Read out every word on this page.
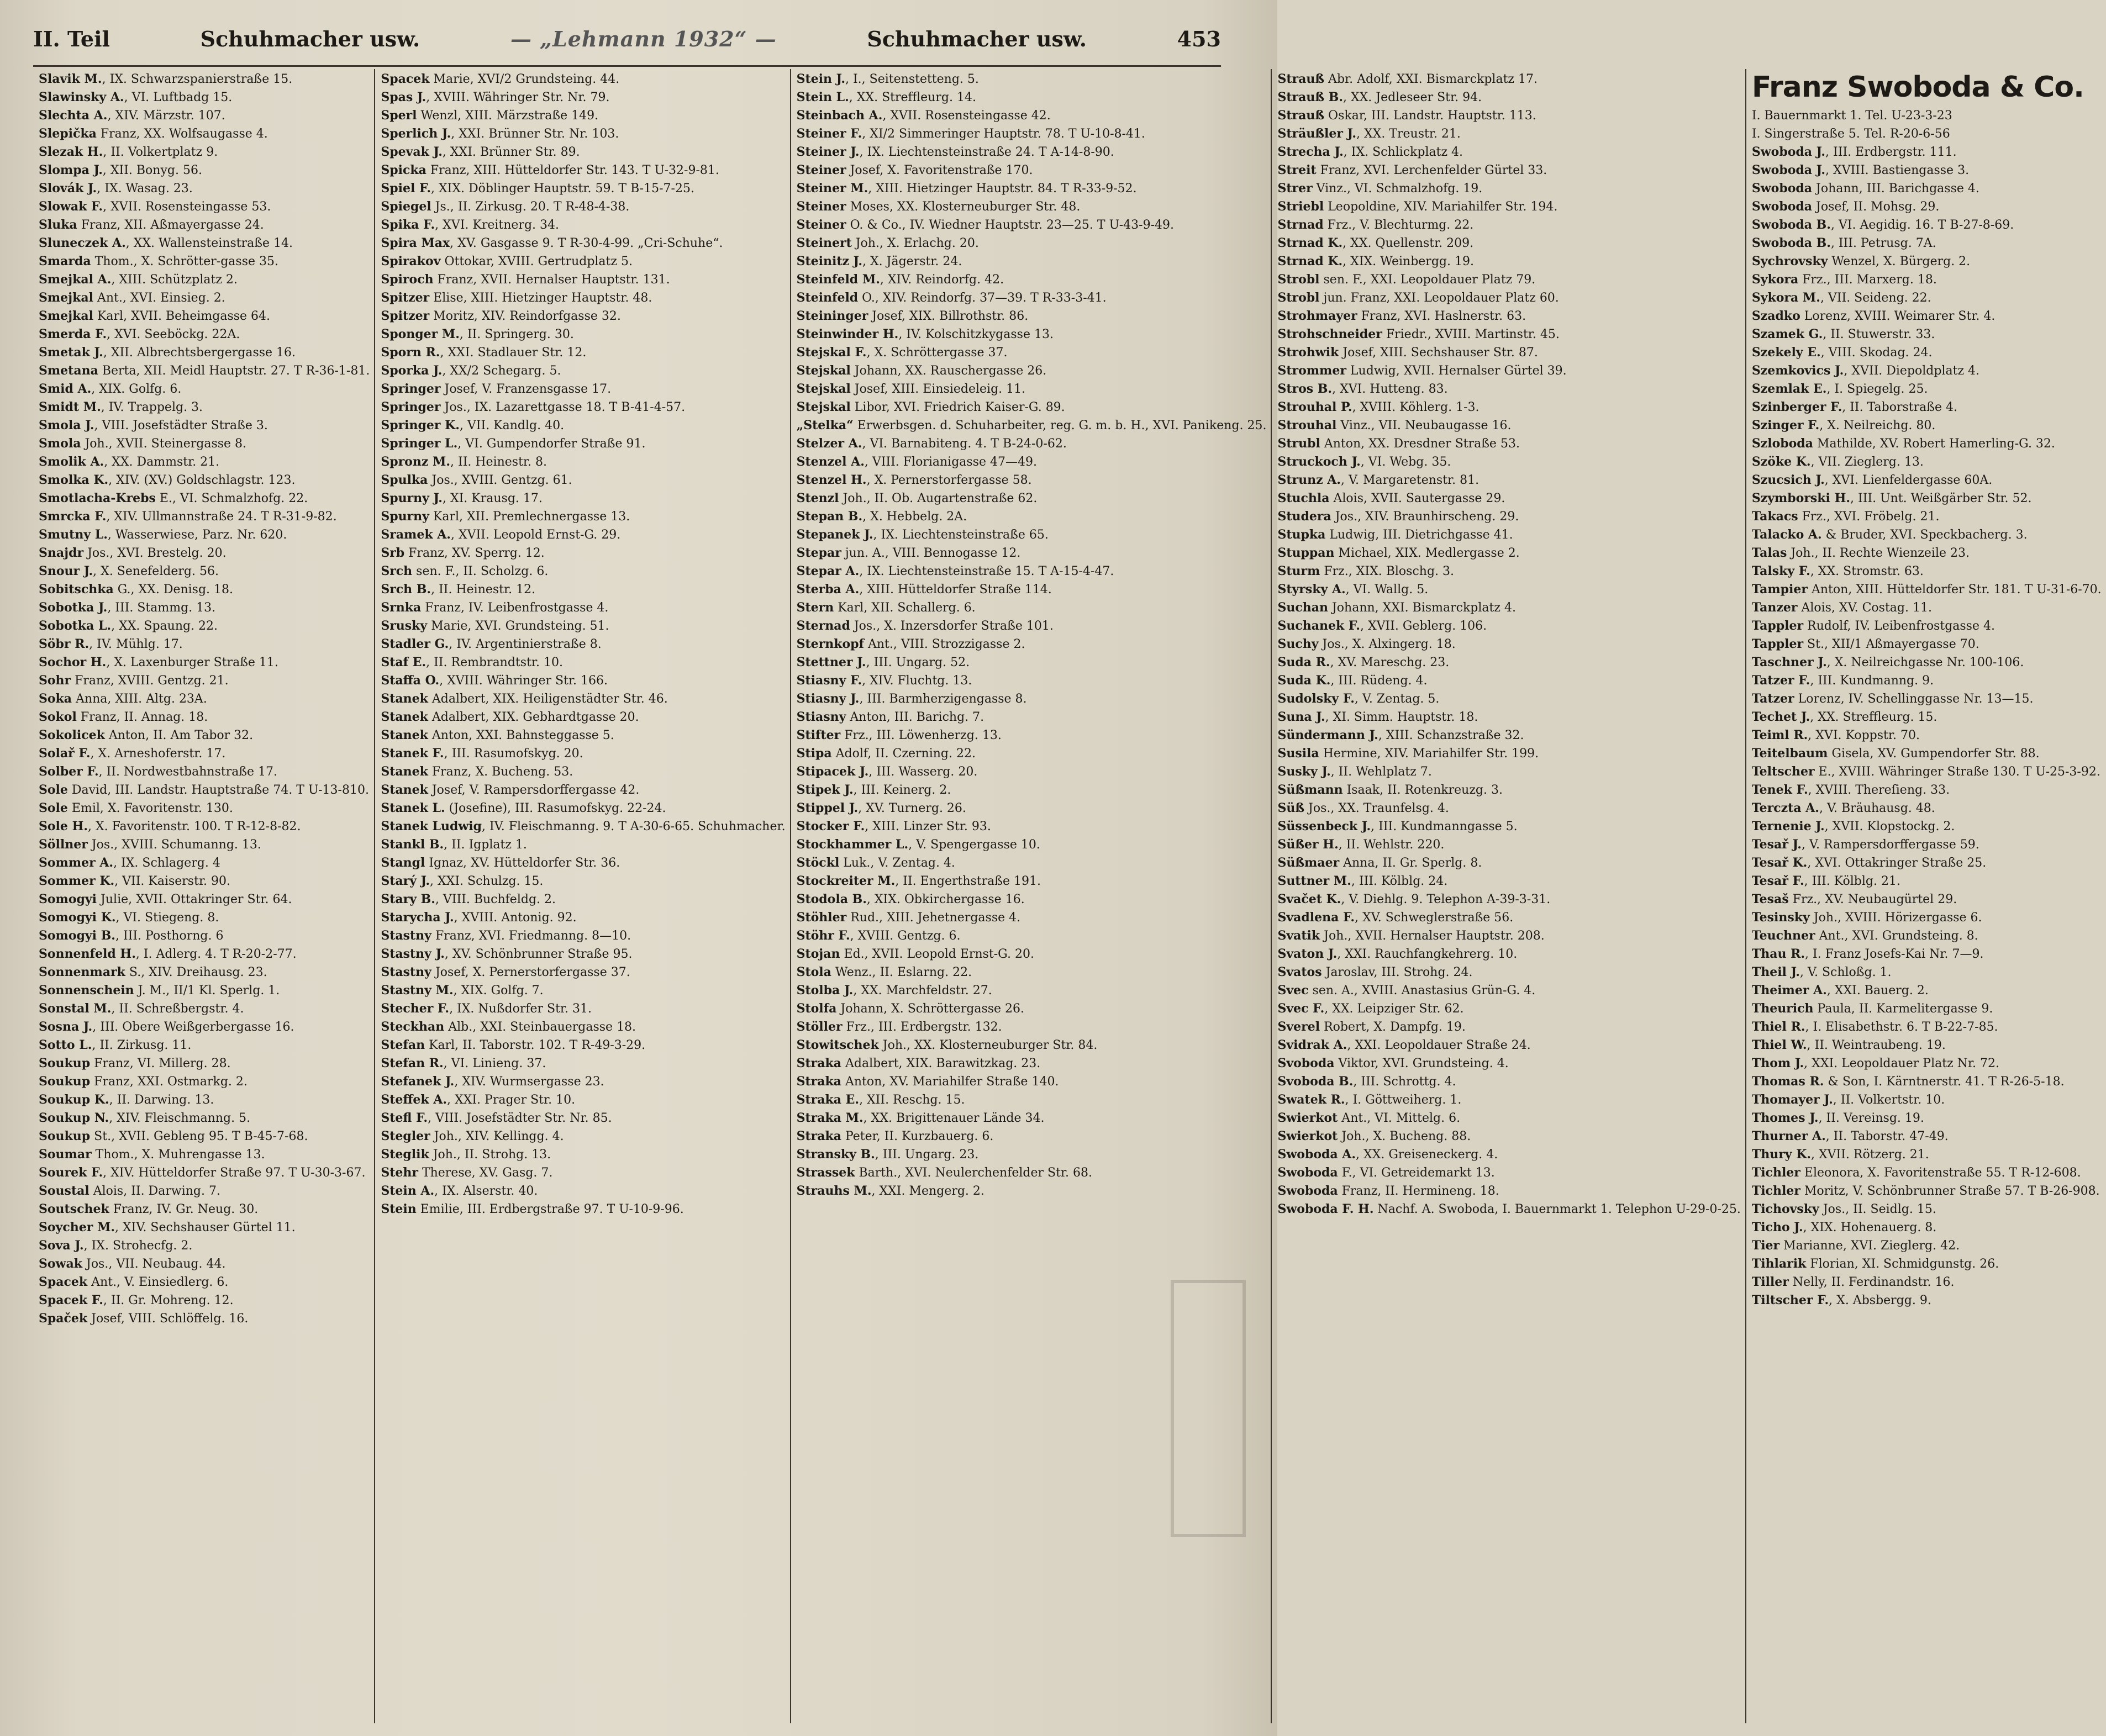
II. Teil	Schuhmacher usw.	— „Lehmann 1932“ —	Schuhmacher usw.	453
Slavik M., IX. Schwarzspanierstraße 15.
Slawinsky A., VI. Luftbadg 15.
Slechta A., XIV. Märzstr. 107.
Slepička Franz, XX. Wolfsaugasse 4.
Slezak H., II. Volkertplatz 9.
Slompa J., XII. Bonyg. 56.
Slovák J., IX. Wasag. 23.
Slowak F., XVII. Rosensteingasse 53.
Sluka Franz, XII. Aßmayergasse 24.
Sluneczek A., XX. Wallensteinstraße 14.
Smarda Thom., X. Schrötter-gasse 35.
Smejkal A., XIII. Schützplatz 2.
Smejkal Ant., XVI. Einsieg. 2.
Smejkal Karl, XVII. Beheimgasse 64.
Smerda F., XVI. Seeböckg. 22A.
Smetak J., XII. Albrechtsbergergasse 16.
Smetana Berta, XII. Meidl Hauptstr. 27. T R-36-1-81.
Smid A., XIX. Golfg. 6.
Smidt M., IV. Trappelg. 3.
Smola J., VIII. Josefstädter Straße 3.
Smola Joh., XVII. Steinergasse 8.
Smolik A., XX. Dammstr. 21.
Smolka K., XIV. (XV.) Goldschlagstr. 123.
Smotlacha-Krebs E., VI. Schmalzhofg. 22.
Smrcka F., XIV. Ullmannstraße 24. T R-31-9-82.
Smutny L., Wasserwiese, Parz. Nr. 620.
Snajdr Jos., XVI. Brestelg. 20.
Snour J., X. Senefelderg. 56.
Sobitschka G., XX. Denisg. 18.
Sobotka J., III. Stammg. 13.
Sobotka L., XX. Spaung. 22.
Söbr R., IV. Mühlg. 17.
Sochor H., X. Laxenburger Straße 11.
Sohr Franz, XVIII. Gentzg. 21.
Soka Anna, XIII. Altg. 23A.
Sokol Franz, II. Annag. 18.
Sokolicek Anton, II. Am Tabor 32.
Solař F., X. Arneshoferstr. 17.
Solber F., II. Nordwestbahnstraße 17.
Sole David, III. Landstr. Hauptstraße 74. T U-13-810.
Sole Emil, X. Favoritenstr. 130.
Sole H., X. Favoritenstr. 100. T R-12-8-82.
Söllner Jos., XVIII. Schumanng. 13.
Sommer A., IX. Schlagerg. 4
Sommer K., VII. Kaiserstr. 90.
Somogyi Julie, XVII. Ottakringer Str. 64.
Somogyi K., VI. Stiegeng. 8.
Somogyi B., III. Posthorng. 6
Sonnenfeld H., I. Adlerg. 4. T R-20-2-77.
Sonnenmark S., XIV. Dreihausg. 23.
Sonnenschein J. M., II/1 Kl. Sperlg. 1.
Sonstal M., II. Schreßbergstr. 4.
Sosna J., III. Obere Weißgerbergasse 16.
Sotto L., II. Zirkusg. 11.
Soukup Franz, VI. Millerg. 28.
Soukup Franz, XXI. Ostmarkg. 2.
Soukup K., II. Darwing. 13.
Soukup N., XIV. Fleischmanng. 5.
Soukup St., XVII. Gebleng 95. T B-45-7-68.
Soumar Thom., X. Muhrengasse 13.
Sourek F., XIV. Hütteldorfer Straße 97. T U-30-3-67.
Soustal Alois, II. Darwing. 7.
Soutschek Franz, IV. Gr. Neug. 30.
Soycher M., XIV. Sechshauser Gürtel 11.
Sova J., IX. Strohecfg. 2.
Sowak Jos., VII. Neubaug. 44.
Spacek Ant., V. Einsiedlerg. 6.
Spacek F., II. Gr. Mohreng. 12.
Spaček Josef, VIII. Schlöffelg. 16.
Spacek Marie, XVI/2 Grundsteing. 44.
Spas J., XVIII. Währinger Str. Nr. 79.
Sperl Wenzl, XIII. Märzstraße 149.
Sperlich J., XXI. Brünner Str. Nr. 103.
Spevak J., XXI. Brünner Str. 89.
Spicka Franz, XIII. Hütteldorfer Str. 143. T U-32-9-81.
Spiel F., XIX. Döblinger Hauptstr. 59. T B-15-7-25.
Spiegel Js., II. Zirkusg. 20. T R-48-4-38.
Spika F., XVI. Kreitnerg. 34.
Spira Max, XV. Gasgasse 9. T R-30-4-99. „Cri-Schuhe“.
Spirakov Ottokar, XVIII. Gertrudplatz 5.
Spiroch Franz, XVII. Hernalser Hauptstr. 131.
Spitzer Elise, XIII. Hietzinger Hauptstr. 48.
Spitzer Moritz, XIV. Reindorfgasse 32.
Sponger M., II. Springerg. 30.
Sporn R., XXI. Stadlauer Str. 12.
Sporka J., XX/2 Schegarg. 5.
Springer Josef, V. Franzensgasse 17.
Springer Jos., IX. Lazarettgasse 18. T B-41-4-57.
Springer K., VII. Kandlg. 40.
Springer L., VI. Gumpendorfer Straße 91.
Spronz M., II. Heinestr. 8.
Spulka Jos., XVIII. Gentzg. 61.
Spurny J., XI. Krausg. 17.
Spurny Karl, XII. Premlechnergasse 13.
Sramek A., XVII. Leopold Ernst-G. 29.
Srb Franz, XV. Sperrg. 12.
Srch sen. F., II. Scholzg. 6.
Srch B., II. Heinestr. 12.
Srnka Franz, IV. Leibenfrostgasse 4.
Srusky Marie, XVI. Grundsteing. 51.
Stadler G., IV. Argentinierstraße 8.
Staf E., II. Rembrandtstr. 10.
Staffa O., XVIII. Währinger Str. 166.
Stanek Adalbert, XIX. Heiligenstädter Str. 46.
Stanek Adalbert, XIX. Gebhardtgasse 20.
Stanek Anton, XXI. Bahnsteggasse 5.
Stanek F., III. Rasumofskyg. 20.
Stanek Franz, X. Bucheng. 53.
Stanek Josef, V. Rampersdorffergasse 42.
Stanek L. (Josefine), III. Rasumofskyg. 22-24.
Stanek Ludwig, IV. Fleischmanng. 9. T A-30-6-65. Schuhmacher.
Stankl B., II. Igplatz 1.
Stangl Ignaz, XV. Hütteldorfer Str. 36.
Starý J., XXI. Schulzg. 15.
Stary B., VIII. Buchfeldg. 2.
Starycha J., XVIII. Antonig. 92.
Stastny Franz, XVI. Friedmanng. 8—10.
Stastny J., XV. Schönbrunner Straße 95.
Stastny Josef, X. Pernerstorfergasse 37.
Stastny M., XIX. Golfg. 7.
Stecher F., IX. Nußdorfer Str. 31.
Steckhan Alb., XXI. Steinbauergasse 18.
Stefan Karl, II. Taborstr. 102. T R-49-3-29.
Stefan R., VI. Linieng. 37.
Stefanek J., XIV. Wurmsergasse 23.
Steffek A., XXI. Prager Str. 10.
Stefl F., VIII. Josefstädter Str. Nr. 85.
Stegler Joh., XIV. Kellingg. 4.
Steglik Joh., II. Strohg. 13.
Stehr Therese, XV. Gasg. 7.
Stein A., IX. Alserstr. 40.
Stein Emilie, III. Erdbergstraße 97. T U-10-9-96.
Stein J., I., Seitenstetteng. 5.
Stein L., XX. Streffleurg. 14.
Steinbach A., XVII. Rosensteingasse 42.
Steiner F., XI/2 Simmeringer Hauptstr. 78. T U-10-8-41.
Steiner J., IX. Liechtensteinstraße 24. T A-14-8-90.
Steiner Josef, X. Favoritenstraße 170.
Steiner M., XIII. Hietzinger Hauptstr. 84. T R-33-9-52.
Steiner Moses, XX. Klosterneuburger Str. 48.
Steiner O. & Co., IV. Wiedner Hauptstr. 23—25. T U-43-9-49.
Steinert Joh., X. Erlachg. 20.
Steinitz J., X. Jägerstr. 24.
Steinfeld M., XIV. Reindorfg. 42.
Steinfeld O., XIV. Reindorfg. 37—39. T R-33-3-41.
Steininger Josef, XIX. Billrothstr. 86.
Steinwinder H., IV. Kolschitzkygasse 13.
Stejskal F., X. Schröttergasse 37.
Stejskal Johann, XX. Rauschergasse 26.
Stejskal Josef, XIII. Einsiedeleig. 11.
Stejskal Libor, XVI. Friedrich Kaiser-G. 89.
„Stelka“ Erwerbsgen. d. Schuharbeiter, reg. G. m. b. H., XVI. Panikeng. 25.
Stelzer A., VI. Barnabiteng. 4. T B-24-0-62.
Stenzel A., VIII. Florianigasse 47—49.
Stenzel H., X. Pernerstorfergasse 58.
Stenzl Joh., II. Ob. Augartenstraße 62.
Stepan B., X. Hebbelg. 2A.
Stepanek J., IX. Liechtensteinstraße 65.
Stepar jun. A., VIII. Bennogasse 12.
Stepar A., IX. Liechtensteinstraße 15. T A-15-4-47.
Sterba A., XIII. Hütteldorfer Straße 114.
Stern Karl, XII. Schallerg. 6.
Sternad Jos., X. Inzersdorfer Straße 101.
Sternkopf Ant., VIII. Strozzigasse 2.
Stettner J., III. Ungarg. 52.
Stiasny F., XIV. Fluchtg. 13.
Stiasny J., III. Barmherzigengasse 8.
Stiasny Anton, III. Barichg. 7.
Stifter Frz., III. Löwenherzg. 13.
Stipa Adolf, II. Czerning. 22.
Stipacek J., III. Wasserg. 20.
Stipek J., III. Keinerg. 2.
Stippel J., XV. Turnerg. 26.
Stocker F., XIII. Linzer Str. 93.
Stockhammer L., V. Spengergasse 10.
Stöckl Luk., V. Zentag. 4.
Stockreiter M., II. Engerthstraße 191.
Stodola B., XIX. Obkirchergasse 16.
Stöhler Rud., XIII. Jehetnergasse 4.
Stöhr F., XVIII. Gentzg. 6.
Stojan Ed., XVII. Leopold Ernst-G. 20.
Stola Wenz., II. Eslarng. 22.
Stolba J., XX. Marchfeldstr. 27.
Stolfa Johann, X. Schröttergasse 26.
Stöller Frz., III. Erdbergstr. 132.
Stowitschek Joh., XX. Klosterneuburger Str. 84.
Straka Adalbert, XIX. Barawitzkag. 23.
Straka Anton, XV. Mariahilfer Straße 140.
Straka E., XII. Reschg. 15.
Straka M., XX. Brigittenauer Lände 34.
Straka Peter, II. Kurzbauerg. 6.
Stransky B., III. Ungarg. 23.
Strassek Barth., XVI. Neulerchenfelder Str. 68.
Strauhs M., XXI. Mengerg. 2.
Strauß Abr. Adolf, XXI. Bismarckplatz 17.
Strauß B., XX. Jedleseer Str. 94.
Strauß Oskar, III. Landstr. Hauptstr. 113.
Sträußler J., XX. Treustr. 21.
Strecha J., IX. Schlickplatz 4.
Streit Franz, XVI. Lerchenfelder Gürtel 33.
Strer Vinz., VI. Schmalzhofg. 19.
Striebl Leopoldine, XIV. Mariahilfer Str. 194.
Strnad Frz., V. Blechturmg. 22.
Strnad K., XX. Quellenstr. 209.
Strnad K., XIX. Weinbergg. 19.
Strobl sen. F., XXI. Leopoldauer Platz 79.
Strobl jun. Franz, XXI. Leopoldauer Platz 60.
Strohmayer Franz, XVI. Haslnerstr. 63.
Strohschneider Friedr., XVIII. Martinstr. 45.
Strohwik Josef, XIII. Sechshauser Str. 87.
Strommer Ludwig, XVII. Hernalser Gürtel 39.
Stros B., XVI. Hutteng. 83.
Strouhal P., XVIII. Köhlerg. 1-3.
Strouhal Vinz., VII. Neubaugasse 16.
Strubl Anton, XX. Dresdner Straße 53.
Struckoch J., VI. Webg. 35.
Strunz A., V. Margaretenstr. 81.
Stuchla Alois, XVII. Sautergasse 29.
Studera Jos., XIV. Braunhirscheng. 29.
Stupka Ludwig, III. Dietrichgasse 41.
Stuppan Michael, XIX. Medlergasse 2.
Sturm Frz., XIX. Bloschg. 3.
Styrsky A., VI. Wallg. 5.
Suchan Johann, XXI. Bismarckplatz 4.
Suchanek F., XVII. Geblerg. 106.
Suchy Jos., X. Alxingerg. 18.
Suda R., XV. Mareschg. 23.
Suda K., III. Rüdeng. 4.
Sudolsky F., V. Zentag. 5.
Suna J., XI. Simm. Hauptstr. 18.
Sündermann J., XIII. Schanzstraße 32.
Susila Hermine, XIV. Mariahilfer Str. 199.
Susky J., II. Wehlplatz 7.
Süßmann Isaak, II. Rotenkreuzg. 3.
Süß Jos., XX. Traunfelsg. 4.
Süssenbeck J., III. Kundmanngasse 5.
Süßer H., II. Wehlstr. 220.
Süßmaer Anna, II. Gr. Sperlg. 8.
Suttner M., III. Kölblg. 24.
Svačet K., V. Diehlg. 9. Telephon A-39-3-31.
Svadlena F., XV. Schweglerstraße 56.
Svatik Joh., XVII. Hernalser Hauptstr. 208.
Svaton J., XXI. Rauchfangkehrerg. 10.
Svatos Jaroslav, III. Strohg. 24.
Svec sen. A., XVIII. Anastasius Grün-G. 4.
Svec F., XX. Leipziger Str. 62.
Sverel Robert, X. Dampfg. 19.
Svidrak A., XXI. Leopoldauer Straße 24.
Svoboda Viktor, XVI. Grundsteing. 4.
Svoboda B., III. Schrottg. 4.
Swatek R., I. Göttweiherg. 1.
Swierkot Ant., VI. Mittelg. 6.
Swierkot Joh., X. Bucheng. 88.
Swoboda A., XX. Greiseneckerg. 4.
Swoboda F., VI. Getreidemarkt 13.
Swoboda Franz, II. Hermineng. 18.
Swoboda F. H. Nachf. A. Swoboda, I. Bauernmarkt 1. Telephon U-29-0-25.
Franz Swoboda & Co.
I. Bauernmarkt 1. Tel. U-23-3-23
I. Singerstraße 5. Tel. R-20-6-56
Swoboda J., III. Erdbergstr. 111.
Swoboda J., XVIII. Bastiengasse 3.
Swoboda Johann, III. Barichgasse 4.
Swoboda Josef, II. Mohsg. 29.
Swoboda B., VI. Aegidig. 16. T B-27-8-69.
Swoboda B., III. Petrusg. 7A.
Sychrovsky Wenzel, X. Bürgerg. 2.
Sykora Frz., III. Marxerg. 18.
Sykora M., VII. Seideng. 22.
Szadko Lorenz, XVIII. Weimarer Str. 4.
Szamek G., II. Stuwerstr. 33.
Szekely E., VIII. Skodag. 24.
Szemkovics J., XVII. Diepoldplatz 4.
Szemlak E., I. Spiegelg. 25.
Szinberger F., II. Taborstraße 4.
Szinger F., X. Neilreichg. 80.
Szloboda Mathilde, XV. Robert Hamerling-G. 32.
Szöke K., VII. Zieglerg. 13.
Szucsich J., XVI. Lienfeldergasse 60A.
Szymborski H., III. Unt. Weißgärber Str. 52.
Takacs Frz., XVI. Fröbelg. 21.
Talacko A. & Bruder, XVI. Speckbacherg. 3.
Talas Joh., II. Rechte Wienzeile 23.
Talsky F., XX. Stromstr. 63.
Tampier Anton, XIII. Hütteldorfer Str. 181. T U-31-6-70.
Tanzer Alois, XV. Costag. 11.
Tappler Rudolf, IV. Leibenfrostgasse 4.
Tappler St., XII/1 Aßmayergasse 70.
Taschner J., X. Neilreichgasse Nr. 100-106.
Tatzer F., III. Kundmanng. 9.
Tatzer Lorenz, IV. Schellinggasse Nr. 13—15.
Techet J., XX. Streffleurg. 15.
Teiml R., XVI. Koppstr. 70.
Teitelbaum Gisela, XV. Gumpendorfer Str. 88.
Teltscher E., XVIII. Währinger Straße 130. T U-25-3-92.
Tenek F., XVIII. Thereſieng. 33.
Terczta A., V. Bräuhausg. 48.
Ternenie J., XVII. Klopstockg. 2.
Tesař J., V. Rampersdorffergasse 59.
Tesař K., XVI. Ottakringer Straße 25.
Tesař F., III. Kölblg. 21.
Tesaš Frz., XV. Neubaugürtel 29.
Tesinsky Joh., XVIII. Hörizergasse 6.
Teuchner Ant., XVI. Grundsteing. 8.
Thau R., I. Franz Josefs-Kai Nr. 7—9.
Theil J., V. Schloßg. 1.
Theimer A., XXI. Bauerg. 2.
Theurich Paula, II. Karmelitergasse 9.
Thiel R., I. Elisabethstr. 6. T B-22-7-85.
Thiel W., II. Weintraubeng. 19.
Thom J., XXI. Leopoldauer Platz Nr. 72.
Thomas R. & Son, I. Kärntnerstr. 41. T R-26-5-18.
Thomayer J., II. Volkertstr. 10.
Thomes J., II. Vereinsg. 19.
Thurner A., II. Taborstr. 47-49.
Thury K., XVII. Rötzerg. 21.
Tichler Eleonora, X. Favoritenstraße 55. T R-12-608.
Tichler Moritz, V. Schönbrunner Straße 57. T B-26-908.
Tichovsky Jos., II. Seidlg. 15.
Ticho J., XIX. Hohenauerg. 8.
Tier Marianne, XVI. Zieglerg. 42.
Tihlarik Florian, XI. Schmidgunstg. 26.
Tiller Nelly, II. Ferdinandstr. 16.
Tiltscher F., X. Absbergg. 9.
